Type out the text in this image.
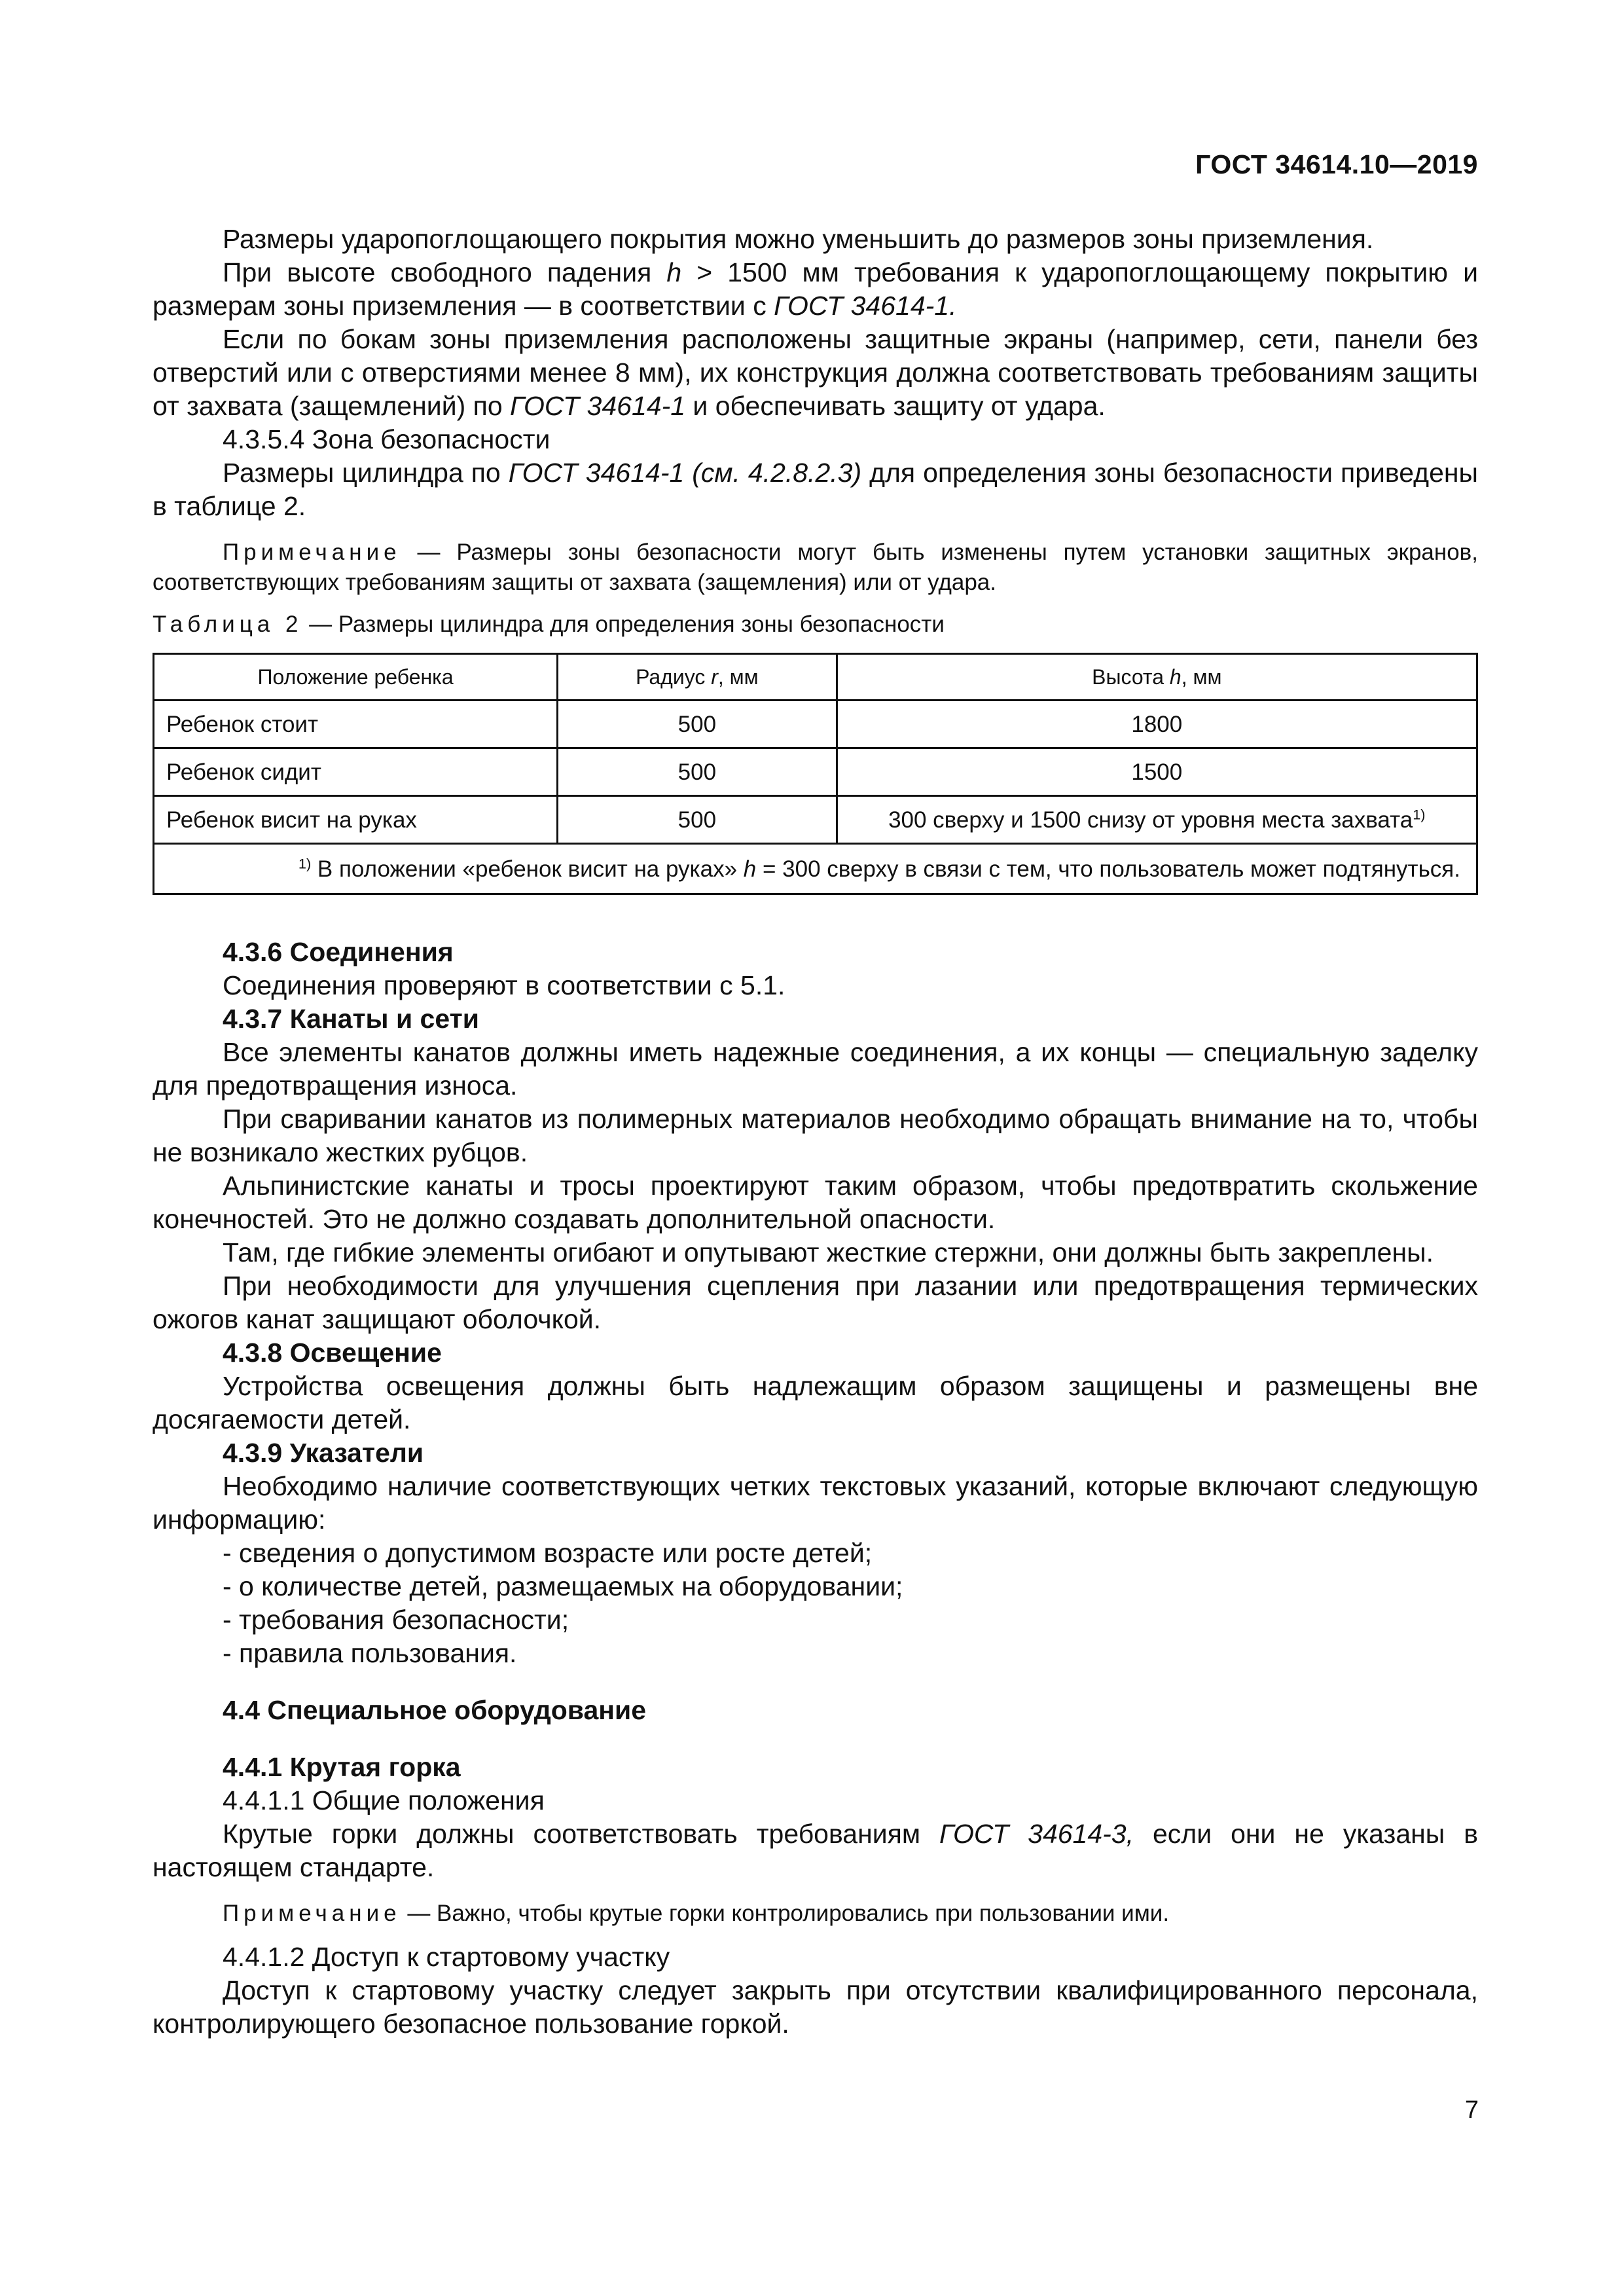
ГОСТ 34614.10—2019

Размеры ударопоглощающего покрытия можно уменьшить до размеров зоны приземления.

При высоте свободного падения h > 1500 мм требования к ударопоглощающему покрытию и размерам зоны приземления — в соответствии с ГОСТ 34614-1.

Если по бокам зоны приземления расположены защитные экраны (например, сети, панели без отверстий или с отверстиями менее 8 мм), их конструкция должна соответствовать требованиям защиты от захвата (защемлений) по ГОСТ 34614-1 и обеспечивать защиту от удара.

4.3.5.4 Зона безопасности

Размеры цилиндра по ГОСТ 34614-1 (см. 4.2.8.2.3) для определения зоны безопасности приведены в таблице 2.

Примечание — Размеры зоны безопасности могут быть изменены путем установки защитных экранов, соответствующих требованиям защиты от захвата (защемления) или от удара.

Таблица 2 — Размеры цилиндра для определения зоны безопасности
Положение ребенка	Радиус r, мм	Высота h, мм
Ребенок стоит	500	1800
Ребенок сидит	500	1500
Ребенок висит на руках	500	300 сверху и 1500 снизу от уровня места захвата$^{1)}$
$^{1)}$ В положении «ребенок висит на руках» h = 300 сверху в связи с тем, что пользователь может подтянуться.		

4.3.6 Соединения

Соединения проверяют в соответствии с 5.1.

4.3.7 Канаты и сети

Все элементы канатов должны иметь надежные соединения, а их концы — специальную заделку для предотвращения износа.

При сваривании канатов из полимерных материалов необходимо обращать внимание на то, чтобы не возникало жестких рубцов.

Альпинистские канаты и тросы проектируют таким образом, чтобы предотвратить скольжение конечностей. Это не должно создавать дополнительной опасности.

Там, где гибкие элементы огибают и опутывают жесткие стержни, они должны быть закреплены.

При необходимости для улучшения сцепления при лазании или предотвращения термических ожогов канат защищают оболочкой.

4.3.8 Освещение

Устройства освещения должны быть надлежащим образом защищены и размещены вне досягаемости детей.

4.3.9 Указатели

Необходимо наличие соответствующих четких текстовых указаний, которые включают следующую информацию:

- сведения о допустимом возрасте или росте детей;
- о количестве детей, размещаемых на оборудовании;
- требования безопасности;
- правила пользования.

4.4 Специальное оборудование

4.4.1 Крутая горка

4.4.1.1 Общие положения

Крутые горки должны соответствовать требованиям ГОСТ 34614-3, если они не указаны в настоящем стандарте.

Примечание — Важно, чтобы крутые горки контролировались при пользовании ими.

4.4.1.2 Доступ к стартовому участку

Доступ к стартовому участку следует закрыть при отсутствии квалифицированного персонала, контролирующего безопасное пользование горкой.

7
